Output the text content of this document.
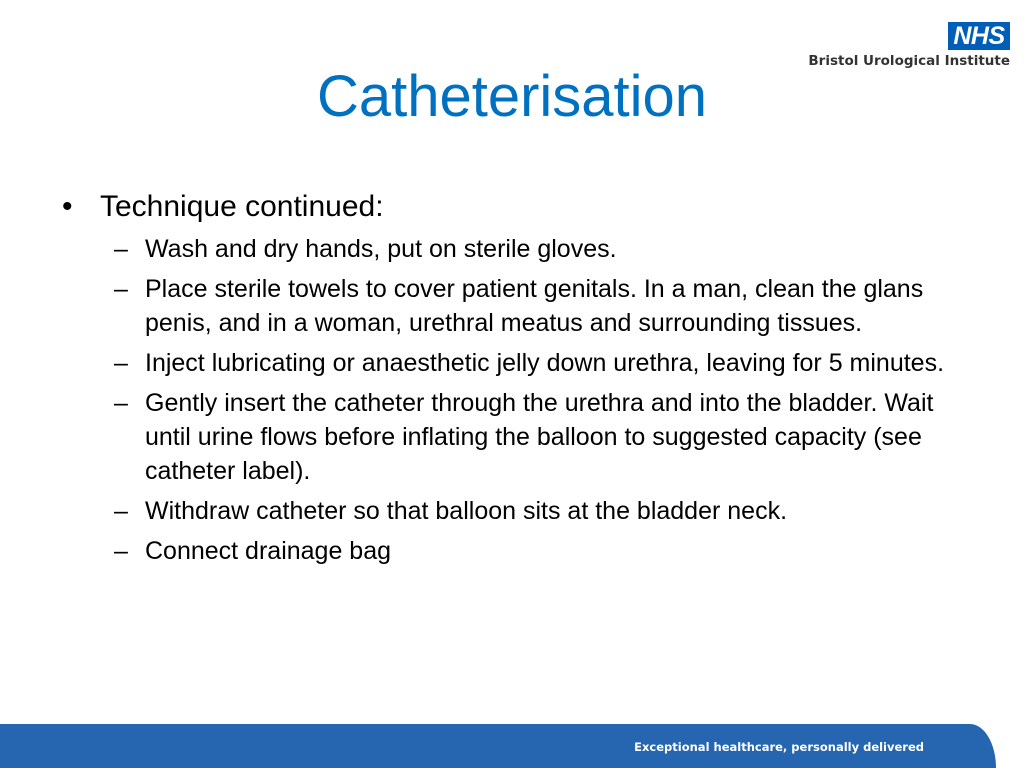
NHS
Bristol Urological Institute
Catheterisation
• Technique continued:
– Wash and dry hands, put on sterile gloves.
– Place sterile towels to cover patient genitals. In a man, clean the glans penis, and in a woman, urethral meatus and surrounding tissues.
– Inject lubricating or anaesthetic jelly down urethra, leaving for 5 minutes.
– Gently insert the catheter through the urethra and into the bladder. Wait until urine flows before inflating the balloon to suggested capacity (see catheter label).
– Withdraw catheter so that balloon sits at the bladder neck.
– Connect drainage bag
Exceptional healthcare, personally delivered
